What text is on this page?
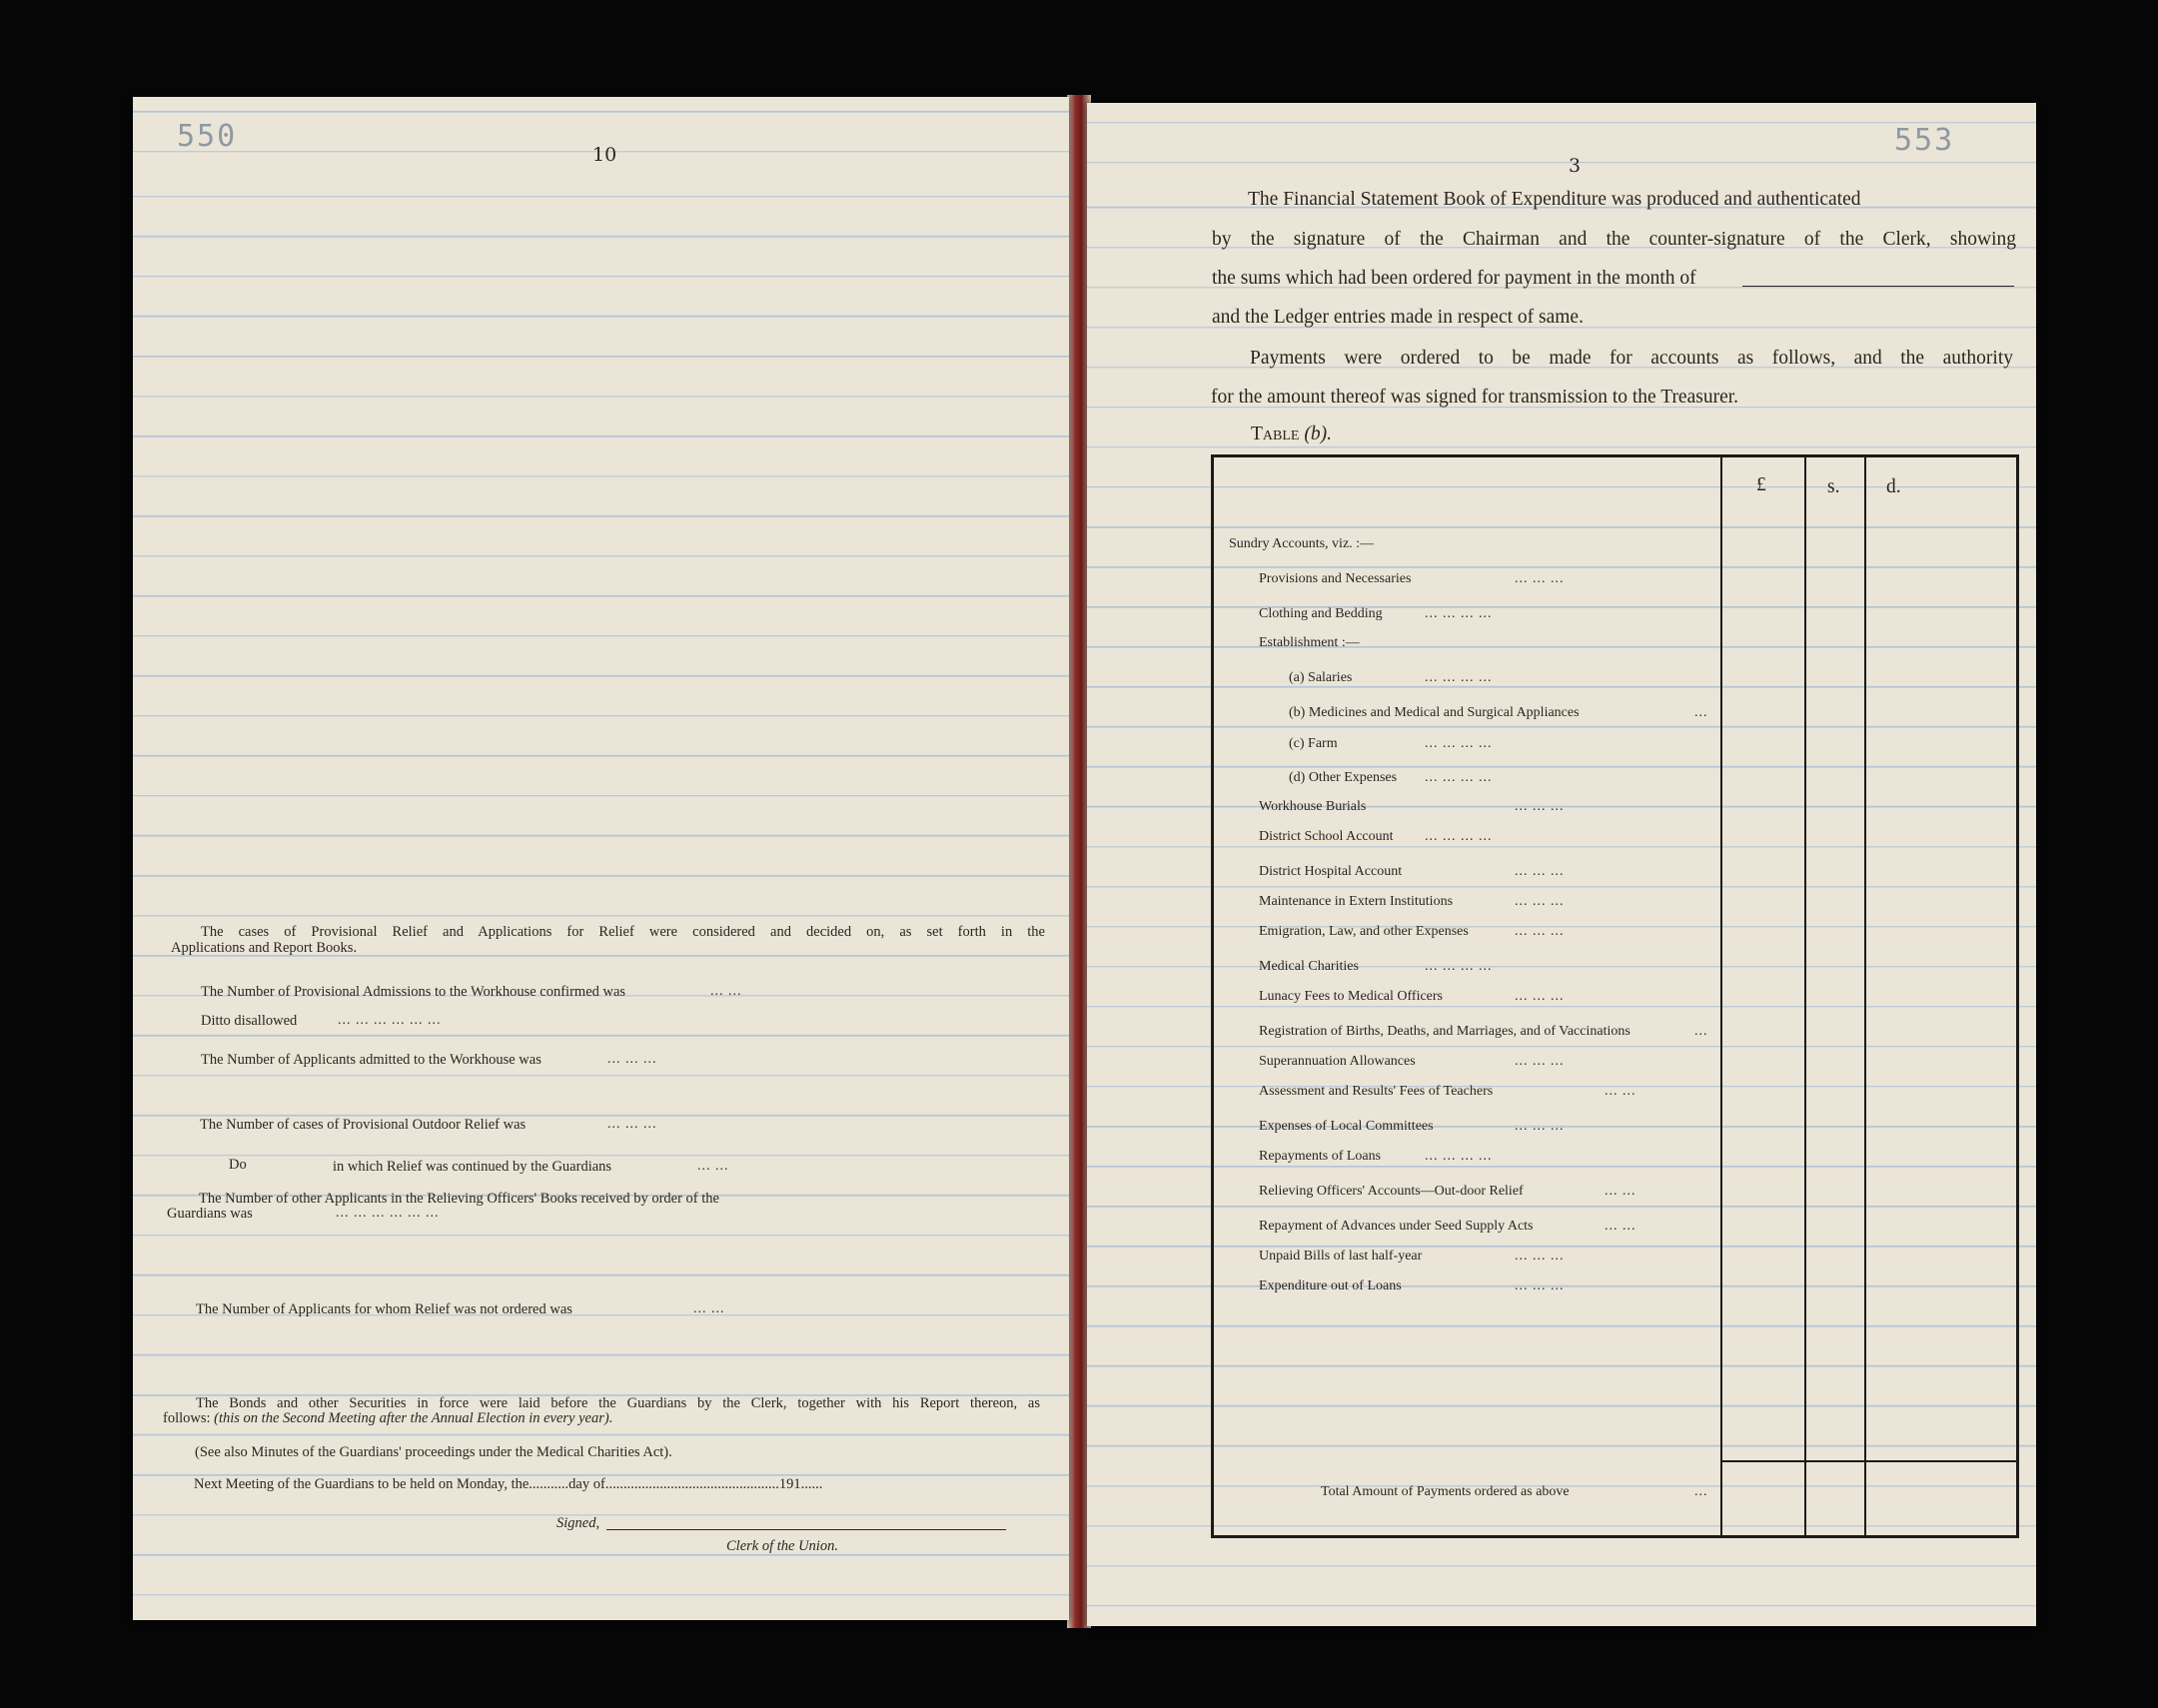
550
10
The cases of Provisional Relief and Applications for Relief were considered and decided on, as set forth in the
Applications and Report Books.
The Number of Provisional Admissions to the Workhouse confirmed was	... ...
Ditto disallowed	... ... ... ... ... ...
The Number of Applicants admitted to the Workhouse was	... ... ...
The Number of cases of Provisional Outdoor Relief was	... ... ...
Do	in which Relief was continued by the Guardians	... ...
The Number of other Applicants in the Relieving Officers' Books received by order of the
Guardians was	... ... ... ... ... ...
The Number of Applicants for whom Relief was not ordered was	... ...
The Bonds and other Securities in force were laid before the Guardians by the Clerk, together with his Report thereon, as
follows: (this on the Second Meeting after the Annual Election in every year).
(See also Minutes of the Guardians' proceedings under the Medical Charities Act).
Next Meeting of the Guardians to be held on Monday, the...........day of................................................191......
Signed,
Clerk of the Union.
553
3
The Financial Statement Book of Expenditure was produced and authenticated
by the signature of the Chairman and the counter-signature of the Clerk, showing
the sums which had been ordered for payment in the month of
and the Ledger entries made in respect of same.
Payments were ordered to be made for accounts as follows, and the authority
for the amount thereof was signed for transmission to the Treasurer.
Table (b).
£	s. d.
Sundry Accounts, viz. :—
Provisions and Necessaries	... ... ...
Clothing and Bedding	... ... ... ...
Establishment :—
(a) Salaries	... ... ... ...
(b) Medicines and Medical and Surgical Appliances	...
(c) Farm	... ... ... ...
(d) Other Expenses ... ... ... ...
Workhouse Burials	... ... ...
District School Account ... ... ... ...
District Hospital Account	... ... ...
Maintenance in Extern Institutions	... ... ...
Emigration, Law, and other Expenses	... ... ...
Medical Charities	... ... ... ...
Lunacy Fees to Medical Officers	... ... ...
Registration of Births, Deaths, and Marriages, and of Vaccinations	...
Superannuation Allowances	... ... ...
Assessment and Results' Fees of Teachers	... ...
Expenses of Local Committees	... ... ...
Repayments of Loans	... ... ... ...
Relieving Officers' Accounts—Out-door Relief	... ...
Repayment of Advances under Seed Supply Acts	... ...
Unpaid Bills of last half-year	... ... ...
Expenditure out of Loans	... ... ...
Total Amount of Payments ordered as above	...
